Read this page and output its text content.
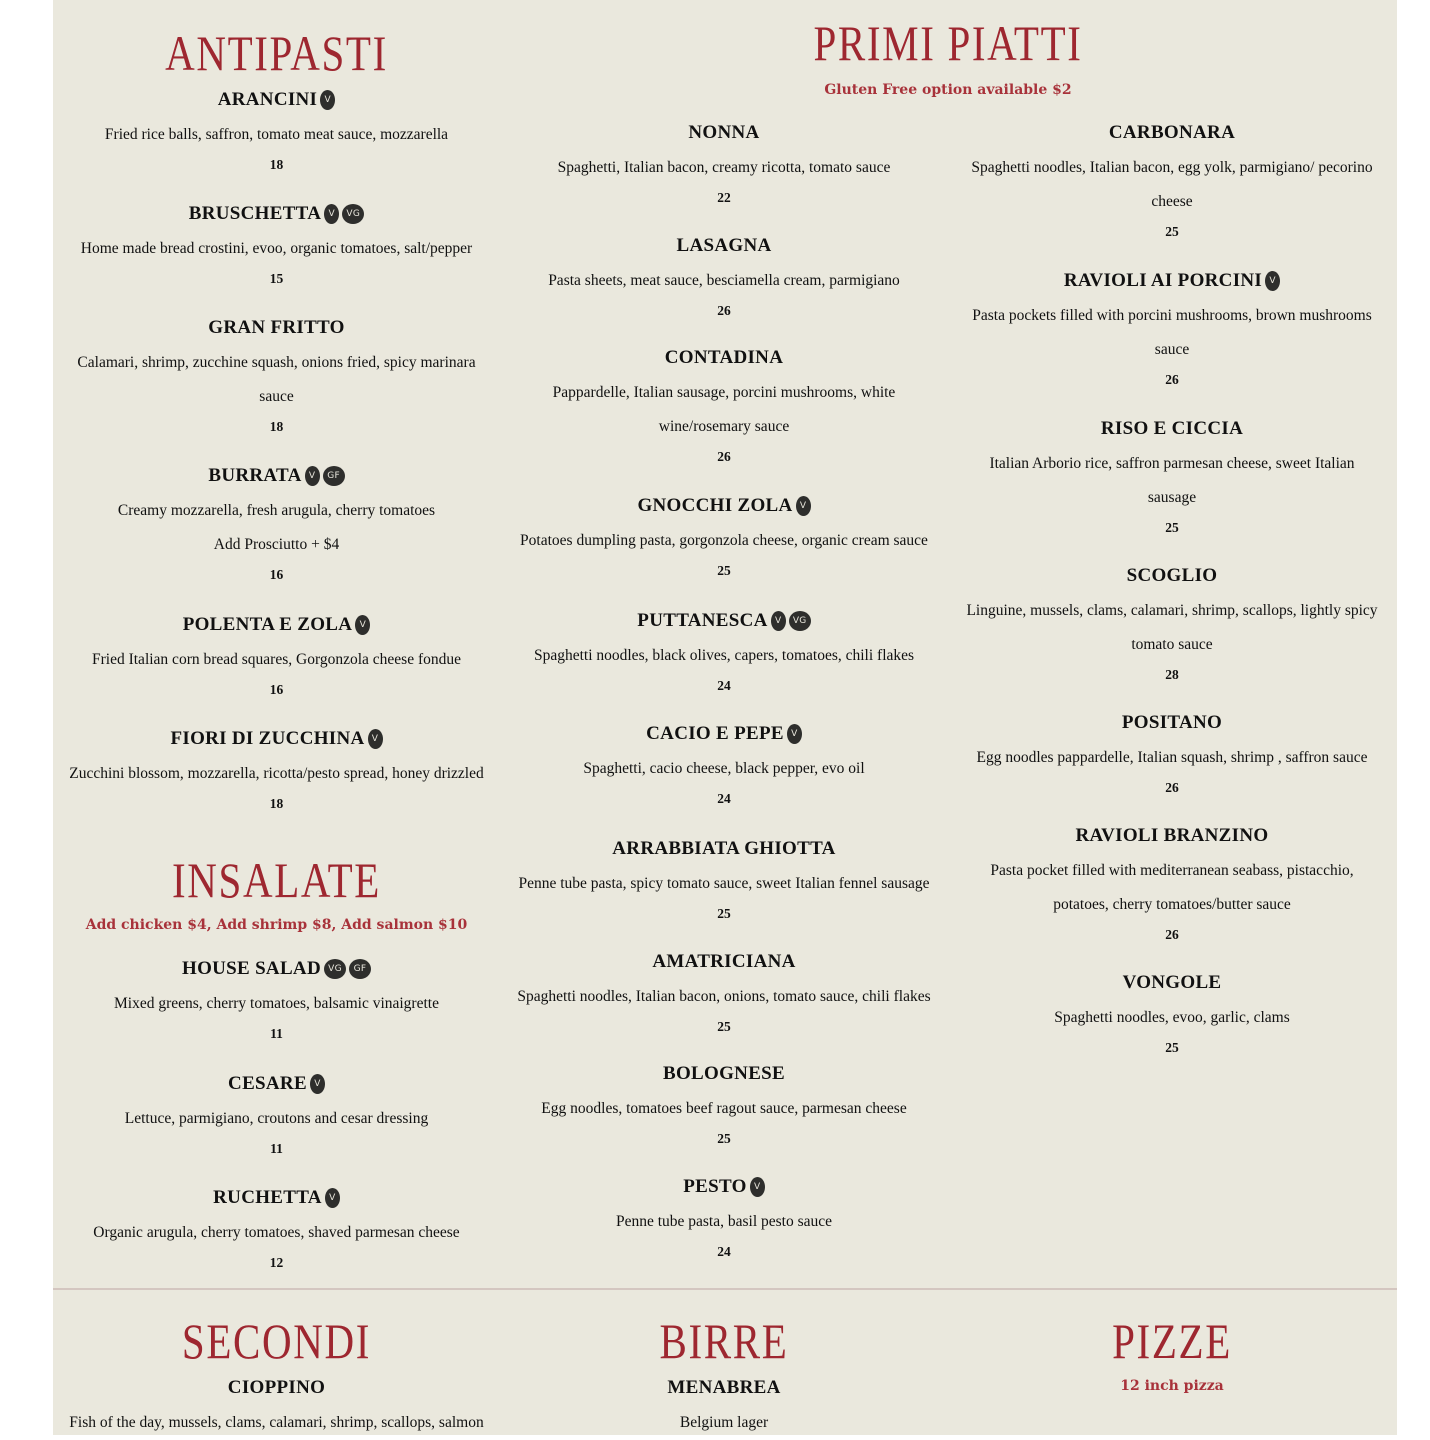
ANTIPASTI	PRIMI PIATTI
Gluten Free option available $2
INSALATE
Add chicken $4, Add shrimp $8, Add salmon $10
SECONDI	BIRRE	PIZZE
12 inch pizza
ARANCINI V
Fried rice balls, saffron, tomato meat sauce, mozzarella
18
BRUSCHETTA V VG
Home made bread crostini, evoo, organic tomatoes, salt/pepper
15
GRAN FRITTO
Calamari, shrimp, zucchine squash, onions fried, spicy marinara
sauce
18
BURRATA V GF
Creamy mozzarella, fresh arugula, cherry tomatoes
Add Prosciutto + $4
16
POLENTA E ZOLA V
Fried Italian corn bread squares, Gorgonzola cheese fondue
16
FIORI DI ZUCCHINA V
Zucchini blossom, mozzarella, ricotta/pesto spread, honey drizzled
18
HOUSE SALAD VG GF
Mixed greens, cherry tomatoes, balsamic vinaigrette
11
CESARE V
Lettuce, parmigiano, croutons and cesar dressing
11
RUCHETTA V
Organic arugula, cherry tomatoes, shaved parmesan cheese
12
NONNA
Spaghetti, Italian bacon, creamy ricotta, tomato sauce
22
LASAGNA
Pasta sheets, meat sauce, besciamella cream, parmigiano
26
CONTADINA
Pappardelle, Italian sausage, porcini mushrooms, white
wine/rosemary sauce
26
GNOCCHI ZOLA V
Potatoes dumpling pasta, gorgonzola cheese, organic cream sauce
25
PUTTANESCA V VG
Spaghetti noodles, black olives, capers, tomatoes, chili flakes
24
CACIO E PEPE V
Spaghetti, cacio cheese, black pepper, evo oil
24
ARRABBIATA GHIOTTA
Penne tube pasta, spicy tomato sauce, sweet Italian fennel sausage
25
AMATRICIANA
Spaghetti noodles, Italian bacon, onions, tomato sauce, chili flakes
25
BOLOGNESE
Egg noodles, tomatoes beef ragout sauce, parmesan cheese
25
PESTO V
Penne tube pasta, basil pesto sauce
24
CARBONARA
Spaghetti noodles, Italian bacon, egg yolk, parmigiano/ pecorino
cheese
25
RAVIOLI AI PORCINI V
Pasta pockets filled with porcini mushrooms, brown mushrooms
sauce
26
RISO E CICCIA
Italian Arborio rice, saffron parmesan cheese, sweet Italian
sausage
25
SCOGLIO
Linguine, mussels, clams, calamari, shrimp, scallops, lightly spicy
tomato sauce
28
POSITANO
Egg noodles pappardelle, Italian squash, shrimp , saffron sauce
26
RAVIOLI BRANZINO
Pasta pocket filled with mediterranean seabass, pistacchio,
potatoes, cherry tomatoes/butter sauce
26
VONGOLE
Spaghetti noodles, evoo, garlic, clams
25
CIOPPINO
Fish of the day, mussels, clams, calamari, shrimp, scallops, salmon
MENABREA
Belgium lager
